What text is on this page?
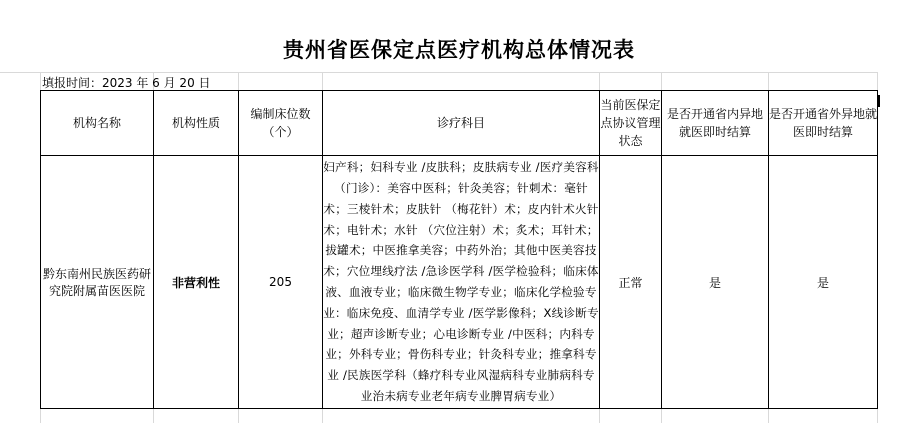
贵州省医保定点医疗机构总体情况表
填报时间：2023 年 6 月 20 日
机构名称	机构性质	编制床位数（个）	诊疗科目	当前医保定点协议管理状态	是否开通省内异地就医即时结算	是否开通省外异地就医即时结算
黔东南州民族医药研究院附属苗医医院	非营利性	205	妇产科；妇科专业 /皮肤科；皮肤病专业 /医疗美容科（门诊）：美容中医科；针灸美容；针刺术：毫针术；三棱针术；皮肤针 （梅花针）术；皮内针术火针术；电针术；水针 （穴位注射）术；炙术；耳针术；拔罐术；中医推拿美容；中药外治；其他中医美容技术；穴位埋线疗法 /急诊医学科 /医学检验科；临床体液、血液专业；临床微生物学专业；临床化学检验专业：临床免疫、血清学专业 /医学影像科；X线诊断专业；超声诊断专业；心电诊断专业 /中医科；内科专业；外科专业；骨伤科专业；针灸科专业；推拿科专业 /民族医学科（蜂疗科专业风湿病科专业肺病科专业治未病专业老年病专业脾胃病专业）	正常	是	是
